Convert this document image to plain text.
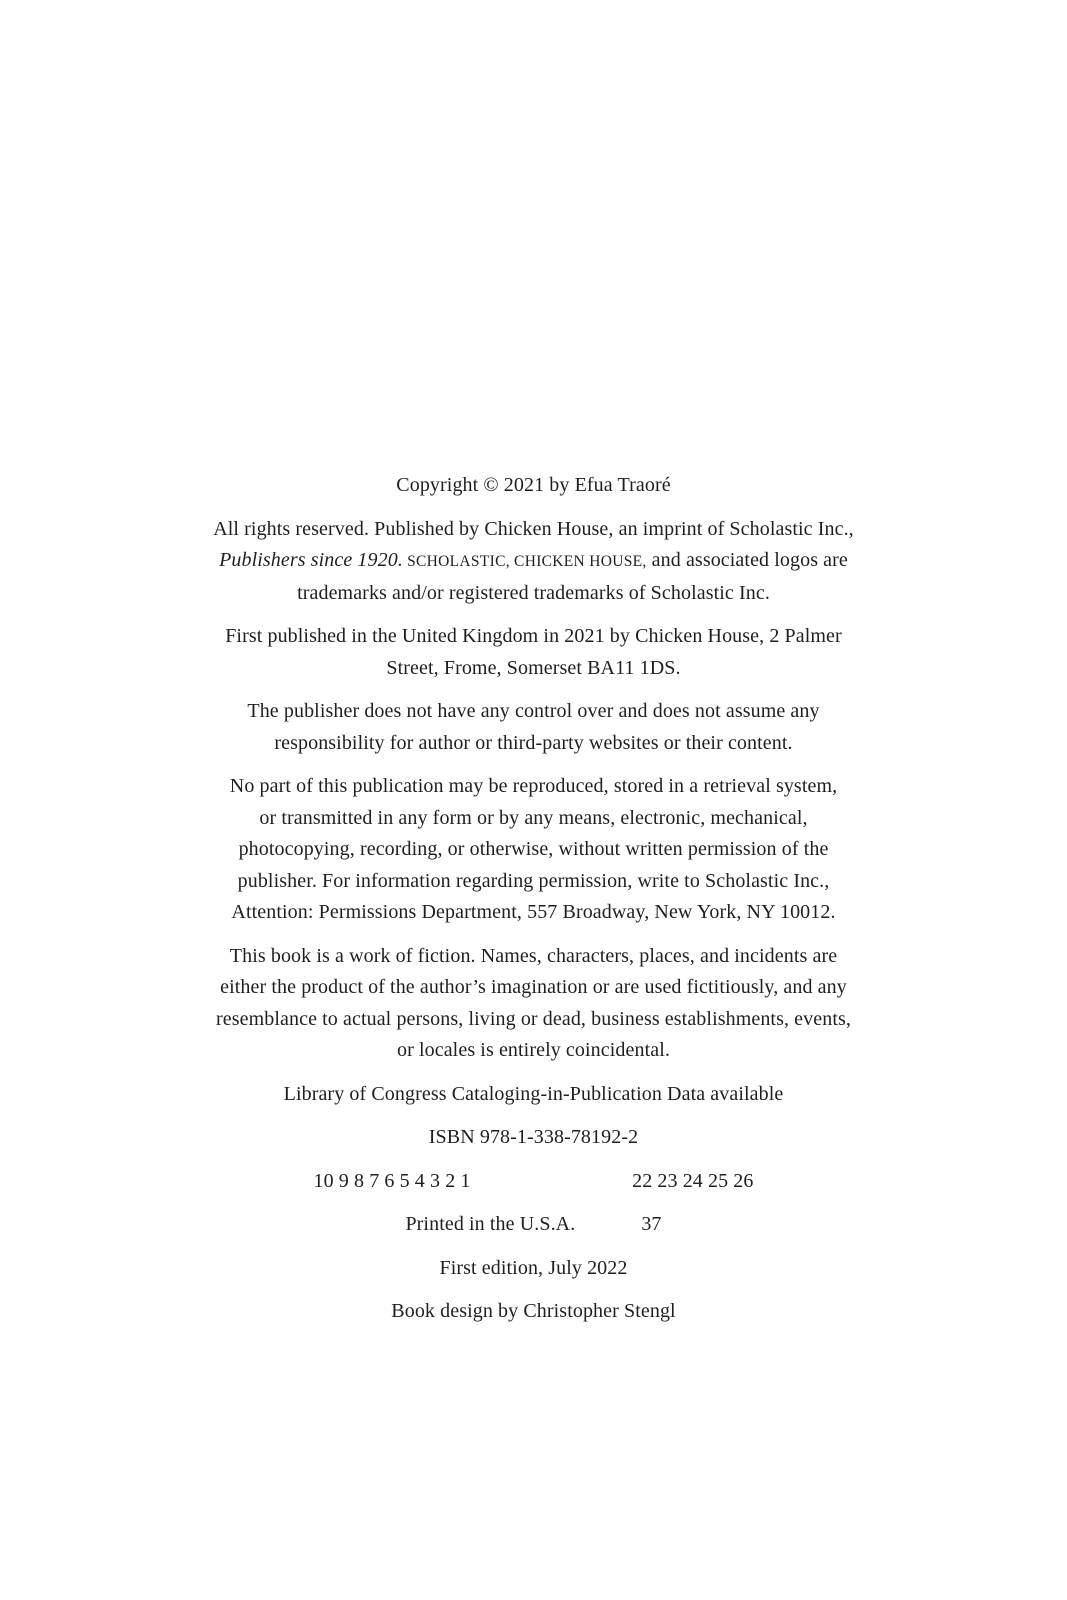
Copyright © 2021 by Efua Traoré

All rights reserved. Published by Chicken House, an imprint of Scholastic Inc., Publishers since 1920. SCHOLASTIC, CHICKEN HOUSE, and associated logos are trademarks and/or registered trademarks of Scholastic Inc.

First published in the United Kingdom in 2021 by Chicken House, 2 Palmer Street, Frome, Somerset BA11 1DS.

The publisher does not have any control over and does not assume any responsibility for author or third-party websites or their content.

No part of this publication may be reproduced, stored in a retrieval system, or transmitted in any form or by any means, electronic, mechanical, photocopying, recording, or otherwise, without written permission of the publisher. For information regarding permission, write to Scholastic Inc., Attention: Permissions Department, 557 Broadway, New York, NY 10012.

This book is a work of fiction. Names, characters, places, and incidents are either the product of the author’s imagination or are used fictitiously, and any resemblance to actual persons, living or dead, business establishments, events, or locales is entirely coincidental.

Library of Congress Cataloging-in-Publication Data available

ISBN 978-1-338-78192-2

10 9 8 7 6 5 4 3 2 1	22 23 24 25 26
Printed in the U.S.A.	37

First edition, July 2022

Book design by Christopher Stengl
